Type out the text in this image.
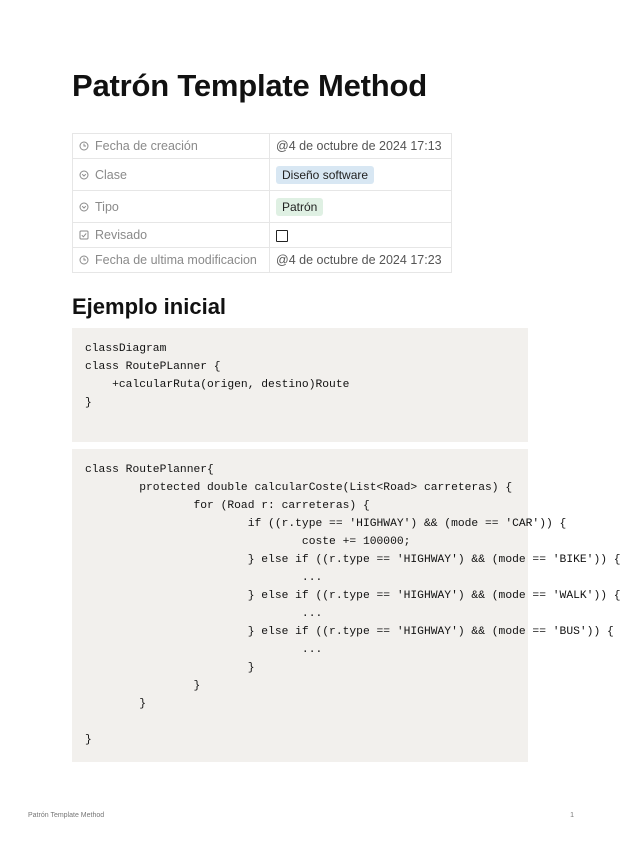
Patrón Template Method
Fecha de creación	@4 de octubre de 2024 17:13
Clase	Diseño software
Tipo	Patrón
Revisado	
Fecha de ultima modificacion	@4 de octubre de 2024 17:23
Ejemplo inicial
classDiagram
class RoutePLanner {
+calcularRuta(origen, destino)Route
}
class RoutePlanner{
protected double calcularCoste(List<Road> carreteras) {
for (Road r: carreteras) {
if ((r.type == 'HIGHWAY') && (mode == 'CAR')) {
coste += 100000;
} else if ((r.type == 'HIGHWAY') && (mode == 'BIKE')) {
...
} else if ((r.type == 'HIGHWAY') && (mode == 'WALK')) {
...
} else if ((r.type == 'HIGHWAY') && (mode == 'BUS')) {
...
}
}
}

}
Patrón Template Method	1
